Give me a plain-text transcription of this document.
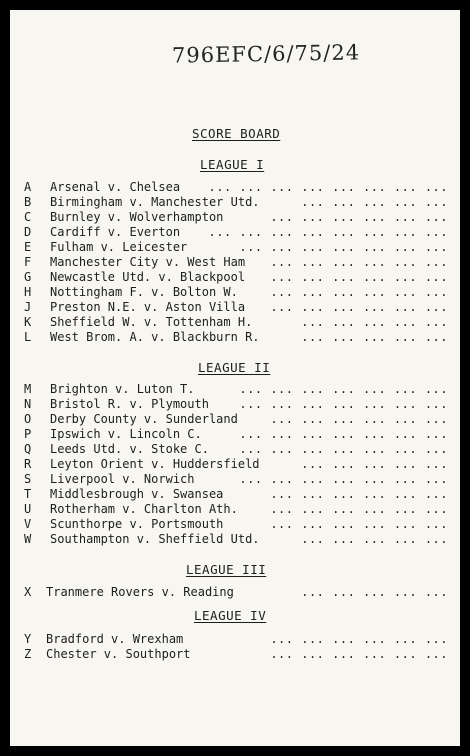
796EFC/6/75/24
SCORE BOARD
LEAGUE I
A Arsenal v. Chelsea ... ... ... ... ... ... ... ...
B Birmingham v. Manchester Utd.	... ... ... ... ...
C Burnley v. Wolverhampton	... ... ... ... ... ...
D Cardiff v. Everton ... ... ... ... ... ... ... ...
E Fulham v. Leicester	... ... ... ... ... ... ...
F Manchester City v. West Ham ... ... ... ... ... ...
G Newcastle Utd. v. Blackpool ... ... ... ... ... ...
H Nottingham F. v. Bolton W.	... ... ... ... ... ...
J Preston N.E. v. Aston Villa ... ... ... ... ... ...
K Sheffield W. v. Tottenham H.	... ... ... ... ...
L West Brom. A. v. Blackburn R.	... ... ... ... ...
LEAGUE II
M Brighton v. Luton T.	... ... ... ... ... ... ...
N Bristol R. v. Plymouth	... ... ... ... ... ... ...
O Derby County v. Sunderland	... ... ... ... ... ...
P Ipswich v. Lincoln C.	... ... ... ... ... ... ...
Q Leeds Utd. v. Stoke C.	... ... ... ... ... ... ...
R Leyton Orient v. Huddersfield	... ... ... ... ...
S Liverpool v. Norwich	... ... ... ... ... ... ...
T Middlesbrough v. Swansea	... ... ... ... ... ...
U Rotherham v. Charlton Ath.	... ... ... ... ... ...
V Scunthorpe v. Portsmouth	... ... ... ... ... ...
W Southampton v. Sheffield Utd.	... ... ... ... ...
LEAGUE III
X Tranmere Rovers v. Reading	... ... ... ... ...
LEAGUE IV
Y Bradford v. Wrexham	... ... ... ... ... ...
Z Chester v. Southport	... ... ... ... ... ...
